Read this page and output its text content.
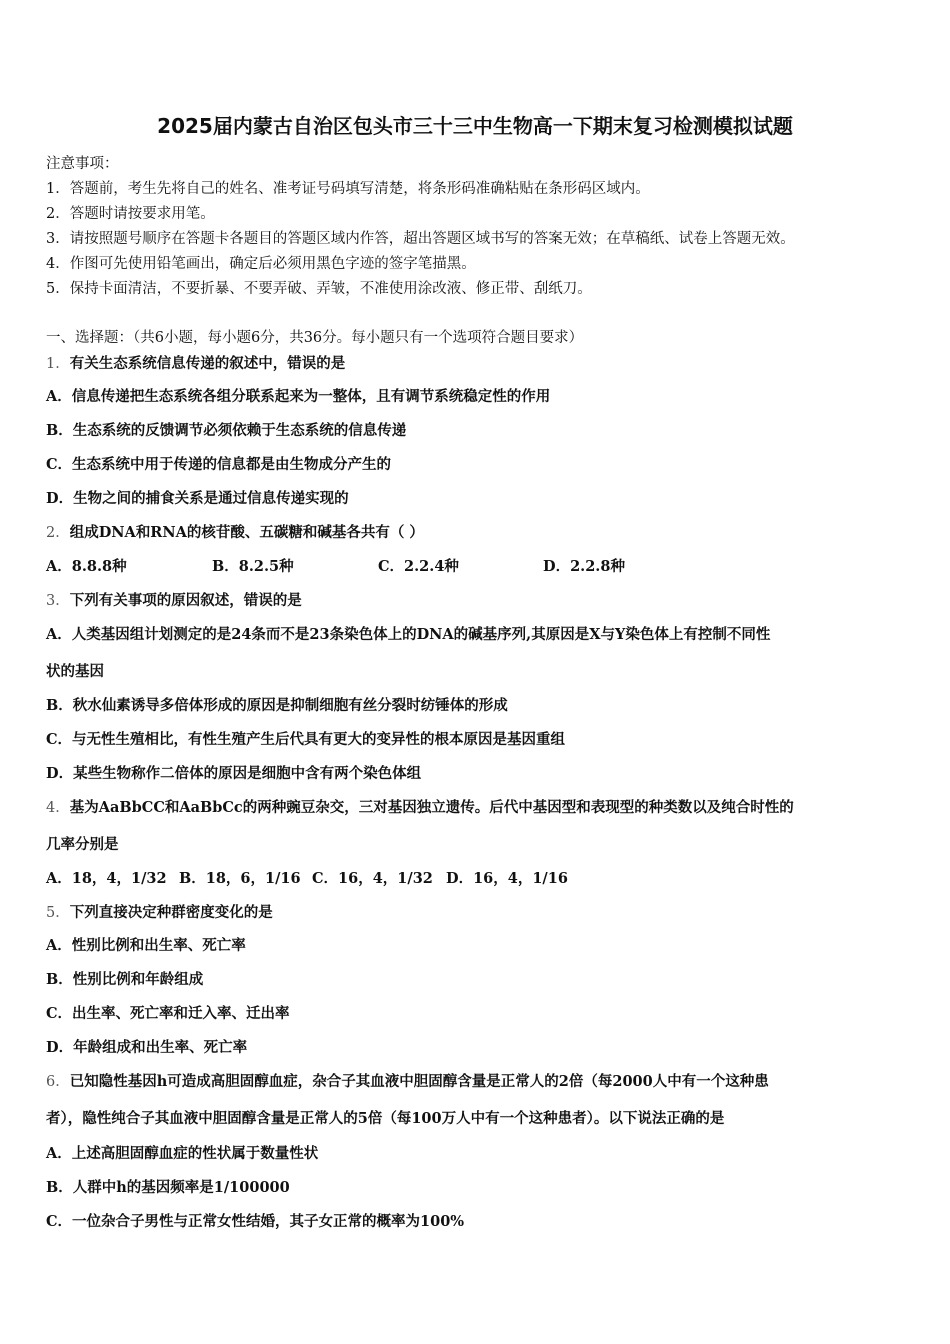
2025届内蒙古自治区包头市三十三中生物高一下期末复习检测模拟试题
注意事项：
1．答题前，考生先将自己的姓名、准考证号码填写清楚，将条形码准确粘贴在条形码区域内。
2．答题时请按要求用笔。
3．请按照题号顺序在答题卡各题目的答题区域内作答，超出答题区域书写的答案无效；在草稿纸、试卷上答题无效。
4．作图可先使用铅笔画出，确定后必须用黑色字迹的签字笔描黑。
5．保持卡面清洁，不要折暴、不要弄破、弄皱，不准使用涂改液、修正带、刮纸刀。
一、选择题：（共6小题，每小题6分，共36分。每小题只有一个选项符合题目要求）
1．有关生态系统信息传递的叙述中，错误的是
A．信息传递把生态系统各组分联系起来为一整体，且有调节系统稳定性的作用
B．生态系统的反馈调节必须依赖于生态系统的信息传递
C．生态系统中用于传递的信息都是由生物成分产生的
D．生物之间的捕食关系是通过信息传递实现的
2．组成DNA和RNA的核苷酸、五碳糖和碱基各共有（ ）
A．8.8.8种	B．8.2.5种	C．2.2.4种	D．2.2.8种
3．下列有关事项的原因叙述，错误的是
A．人类基因组计划测定的是24条而不是23条染色体上的DNA的碱基序列,其原因是X与Y染色体上有控制不同性
状的基因
B．秋水仙素诱导多倍体形成的原因是抑制细胞有丝分裂时纺锤体的形成
C．与无性生殖相比，有性生殖产生后代具有更大的变异性的根本原因是基因重组
D．某些生物称作二倍体的原因是细胞中含有两个染色体组
4．基为AaBbCC和AaBbCc的两种豌豆杂交，三对基因独立遗传。后代中基因型和表现型的种类数以及纯合时性的
几率分别是
A．18，4，1/32 B．18，6，1/16 C．16，4，1/32 D．16，4，1/16
5．下列直接决定种群密度变化的是
A．性别比例和出生率、死亡率
B．性别比例和年龄组成
C．出生率、死亡率和迁入率、迁出率
D．年龄组成和出生率、死亡率
6．已知隐性基因h可造成高胆固醇血症，杂合子其血液中胆固醇含量是正常人的2倍（每2000人中有一个这种患
者），隐性纯合子其血液中胆固醇含量是正常人的5倍（每100万人中有一个这种患者）。以下说法正确的是
A．上述高胆固醇血症的性状属于数量性状
B．人群中h的基因频率是1/100000
C．一位杂合子男性与正常女性结婚，其子女正常的概率为100%
